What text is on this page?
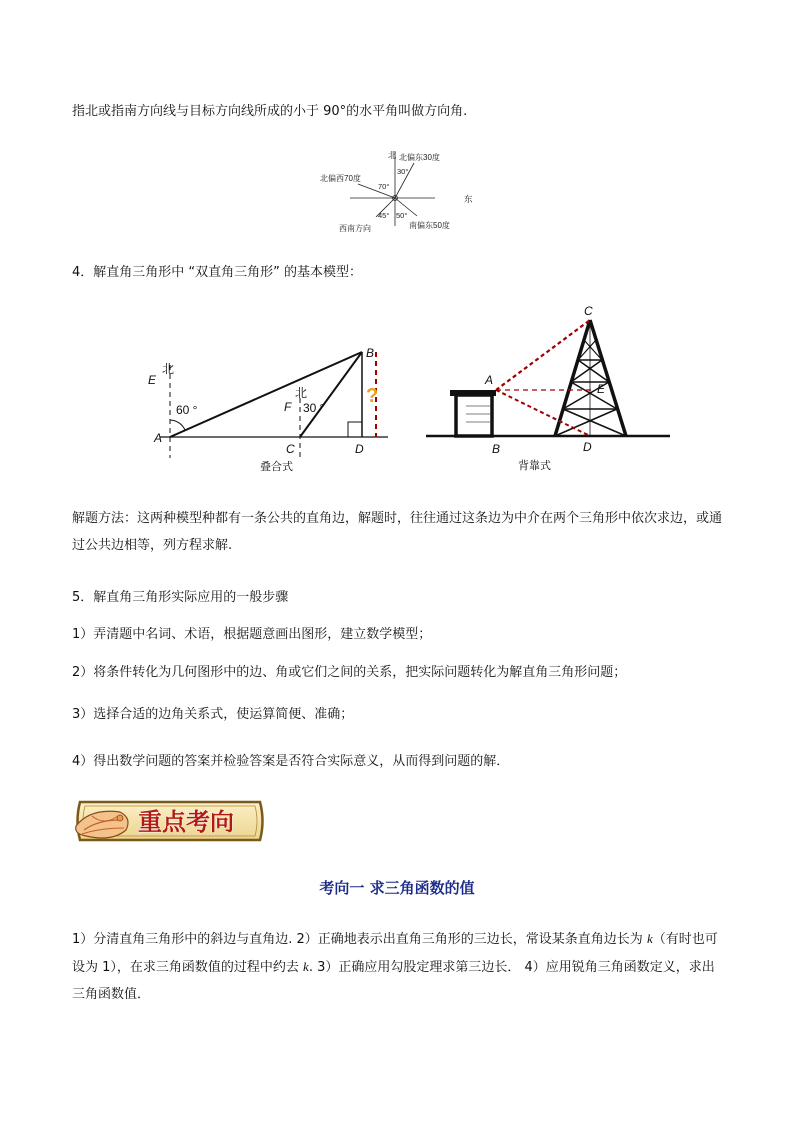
指北或指南方向线与目标方向线所成的小于 90°的水平角叫做方向角.

北 北偏东30度
30°
北偏西70度
70°
东
45° 50°
西南方向	南偏东50度

4．解直角三角形中 “双直角三角形” 的基本模型：

北
E
60 °
A
B
北
F 30 °
C	D
?
叠合式
C
A
E
B	D
背靠式

解题方法：这两种模型种都有一条公共的直角边，解题时，往往通过这条边为中介在两个三角形中依次求边，或通过公共边相等，列方程求解.

5．解直角三角形实际应用的一般步骤

1）弄清题中名词、术语，根据题意画出图形，建立数学模型；

2）将条件转化为几何图形中的边、角或它们之间的关系，把实际问题转化为解直角三角形问题；

3）选择合适的边角关系式，使运算简便、准确；

4）得出数学问题的答案并检验答案是否符合实际意义，从而得到问题的解．

重点考向
考向一 求三角函数的值

1）分清直角三角形中的斜边与直角边. 2）正确地表示出直角三角形的三边长，常设某条直角边长为 k（有时也可设为 1），在求三角函数值的过程中约去 k. 3）正确应用勾股定理求第三边长． 4）应用锐角三角函数定义，求出三角函数值．
